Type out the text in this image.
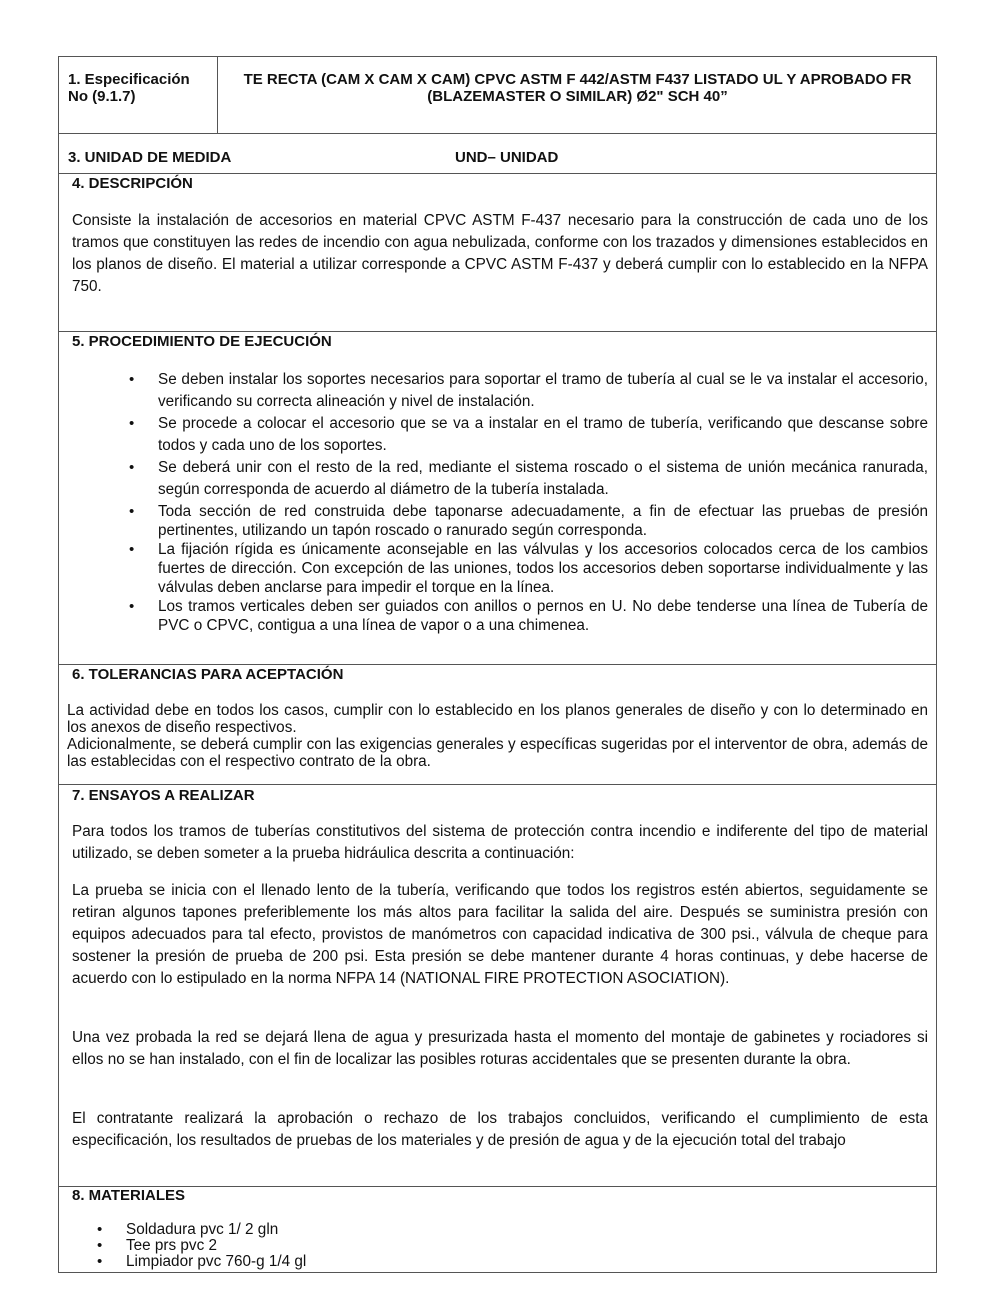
1. Especificación No (9.1.7)
TE RECTA (CAM X CAM X CAM) CPVC ASTM F 442/ASTM F437 LISTADO UL Y APROBADO FR (BLAZEMASTER O SIMILAR) Ø2" SCH 40”
3. UNIDAD DE MEDIDA	UND– UNIDAD
4. DESCRIPCIÓN
Consiste la instalación de accesorios en material CPVC ASTM F-437 necesario para la construcción de cada uno de los tramos que constituyen las redes de incendio con agua nebulizada, conforme con los trazados y dimensiones establecidos en los planos de diseño. El material a utilizar corresponde a CPVC ASTM F-437 y deberá cumplir con lo establecido en la NFPA 750.
5. PROCEDIMIENTO DE EJECUCIÓN
• Se deben instalar los soportes necesarios para soportar el tramo de tubería al cual se le va instalar el accesorio, verificando su correcta alineación y nivel de instalación.
• Se procede a colocar el accesorio que se va a instalar en el tramo de tubería, verificando que descanse sobre todos y cada uno de los soportes.
• Se deberá unir con el resto de la red, mediante el sistema roscado o el sistema de unión mecánica ranurada, según corresponda de acuerdo al diámetro de la tubería instalada.
• Toda sección de red construida debe taponarse adecuadamente, a fin de efectuar las pruebas de presión pertinentes, utilizando un tapón roscado o ranurado según corresponda.
• La fijación rígida es únicamente aconsejable en las válvulas y los accesorios colocados cerca de los cambios fuertes de dirección. Con excepción de las uniones, todos los accesorios deben soportarse individualmente y las válvulas deben anclarse para impedir el torque en la línea.
• Los tramos verticales deben ser guiados con anillos o pernos en U. No debe tenderse una línea de Tubería de PVC o CPVC, contigua a una línea de vapor o a una chimenea.
6. TOLERANCIAS PARA ACEPTACIÓN
La actividad debe en todos los casos, cumplir con lo establecido en los planos generales de diseño y con lo determinado en los anexos de diseño respectivos.
Adicionalmente, se deberá cumplir con las exigencias generales y específicas sugeridas por el interventor de obra, además de las establecidas con el respectivo contrato de la obra.
7. ENSAYOS A REALIZAR
Para todos los tramos de tuberías constitutivos del sistema de protección contra incendio e indiferente del tipo de material utilizado, se deben someter a la prueba hidráulica descrita a continuación:
La prueba se inicia con el llenado lento de la tubería, verificando que todos los registros estén abiertos, seguidamente se retiran algunos tapones preferiblemente los más altos para facilitar la salida del aire. Después se suministra presión con equipos adecuados para tal efecto, provistos de manómetros con capacidad indicativa de 300 psi., válvula de cheque para sostener la presión de prueba de 200 psi. Esta presión se debe mantener durante 4 horas continuas, y debe hacerse de acuerdo con lo estipulado en la norma NFPA 14 (NATIONAL FIRE PROTECTION ASOCIATION).
Una vez probada la red se dejará llena de agua y presurizada hasta el momento del montaje de gabinetes y rociadores si ellos no se han instalado, con el fin de localizar las posibles roturas accidentales que se presenten durante la obra.
El contratante realizará la aprobación o rechazo de los trabajos concluidos, verificando el cumplimiento de esta especificación, los resultados de pruebas de los materiales y de presión de agua y de la ejecución total del trabajo
8. MATERIALES
• Soldadura pvc 1/ 2 gln
• Tee prs pvc 2
• Limpiador pvc 760-g 1/4 gl
